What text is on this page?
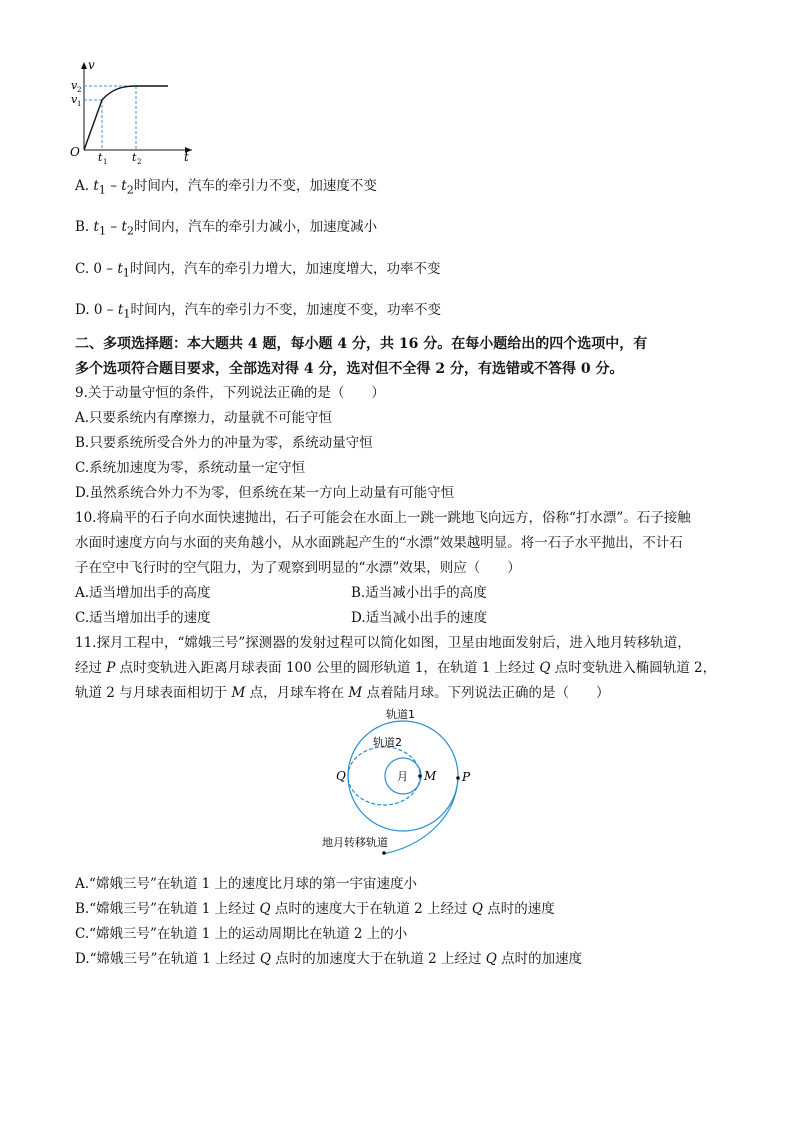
v
t
O
v 2
v 1
t 1 t 2
A. $t_1 - t_2$时间内，汽车的牵引力不变，加速度不变
B. $t_1 - t_2$时间内，汽车的牵引力减小，加速度减小
C. $0 - t_1$时间内，汽车的牵引力增大，加速度增大，功率不变
D. $0 - t_1$时间内，汽车的牵引力不变，加速度不变，功率不变
二、多项选择题：本大题共 4 题，每小题 4 分，共 16 分。在每小题给出的四个选项中，有
多个选项符合题目要求，全部选对得 4 分，选对但不全得 2 分，有选错或不答得 0 分。
9.关于动量守恒的条件，下列说法正确的是（　　）
A.只要系统内有摩擦力，动量就不可能守恒
B.只要系统所受合外力的冲量为零，系统动量守恒
C.系统加速度为零，系统动量一定守恒
D.虽然系统合外力不为零，但系统在某一方向上动量有可能守恒
10.将扁平的石子向水面快速抛出，石子可能会在水面上一跳一跳地飞向远方，俗称“打水漂”。石子接触
水面时速度方向与水面的夹角越小，从水面跳起产生的“水漂”效果越明显。将一石子水平抛出，不计石
子在空中飞行时的空气阻力，为了观察到明显的“水漂”效果，则应（　　）
A.适当增加出手的高度	B.适当减小出手的高度
C.适当增加出手的速度	D.适当减小出手的速度
11.探月工程中，“嫦娥三号”探测器的发射过程可以简化如图，卫星由地面发射后，进入地月转移轨道，
经过 P 点时变轨进入距离月球表面 100 公里的圆形轨道 1，在轨道 1 上经过 Q 点时变轨进入椭圆轨道 2，
轨道 2 与月球表面相切于 M 点，月球车将在 M 点着陆月球。下列说法正确的是（　　）
轨道1
轨道2
月
Q	M P
地月转移轨道
A.“嫦娥三号”在轨道 1 上的速度比月球的第一宇宙速度小
B.“嫦娥三号”在轨道 1 上经过 Q 点时的速度大于在轨道 2 上经过 Q 点时的速度
C.“嫦娥三号”在轨道 1 上的运动周期比在轨道 2 上的小
D.“嫦娥三号”在轨道 1 上经过 Q 点时的加速度大于在轨道 2 上经过 Q 点时的加速度
